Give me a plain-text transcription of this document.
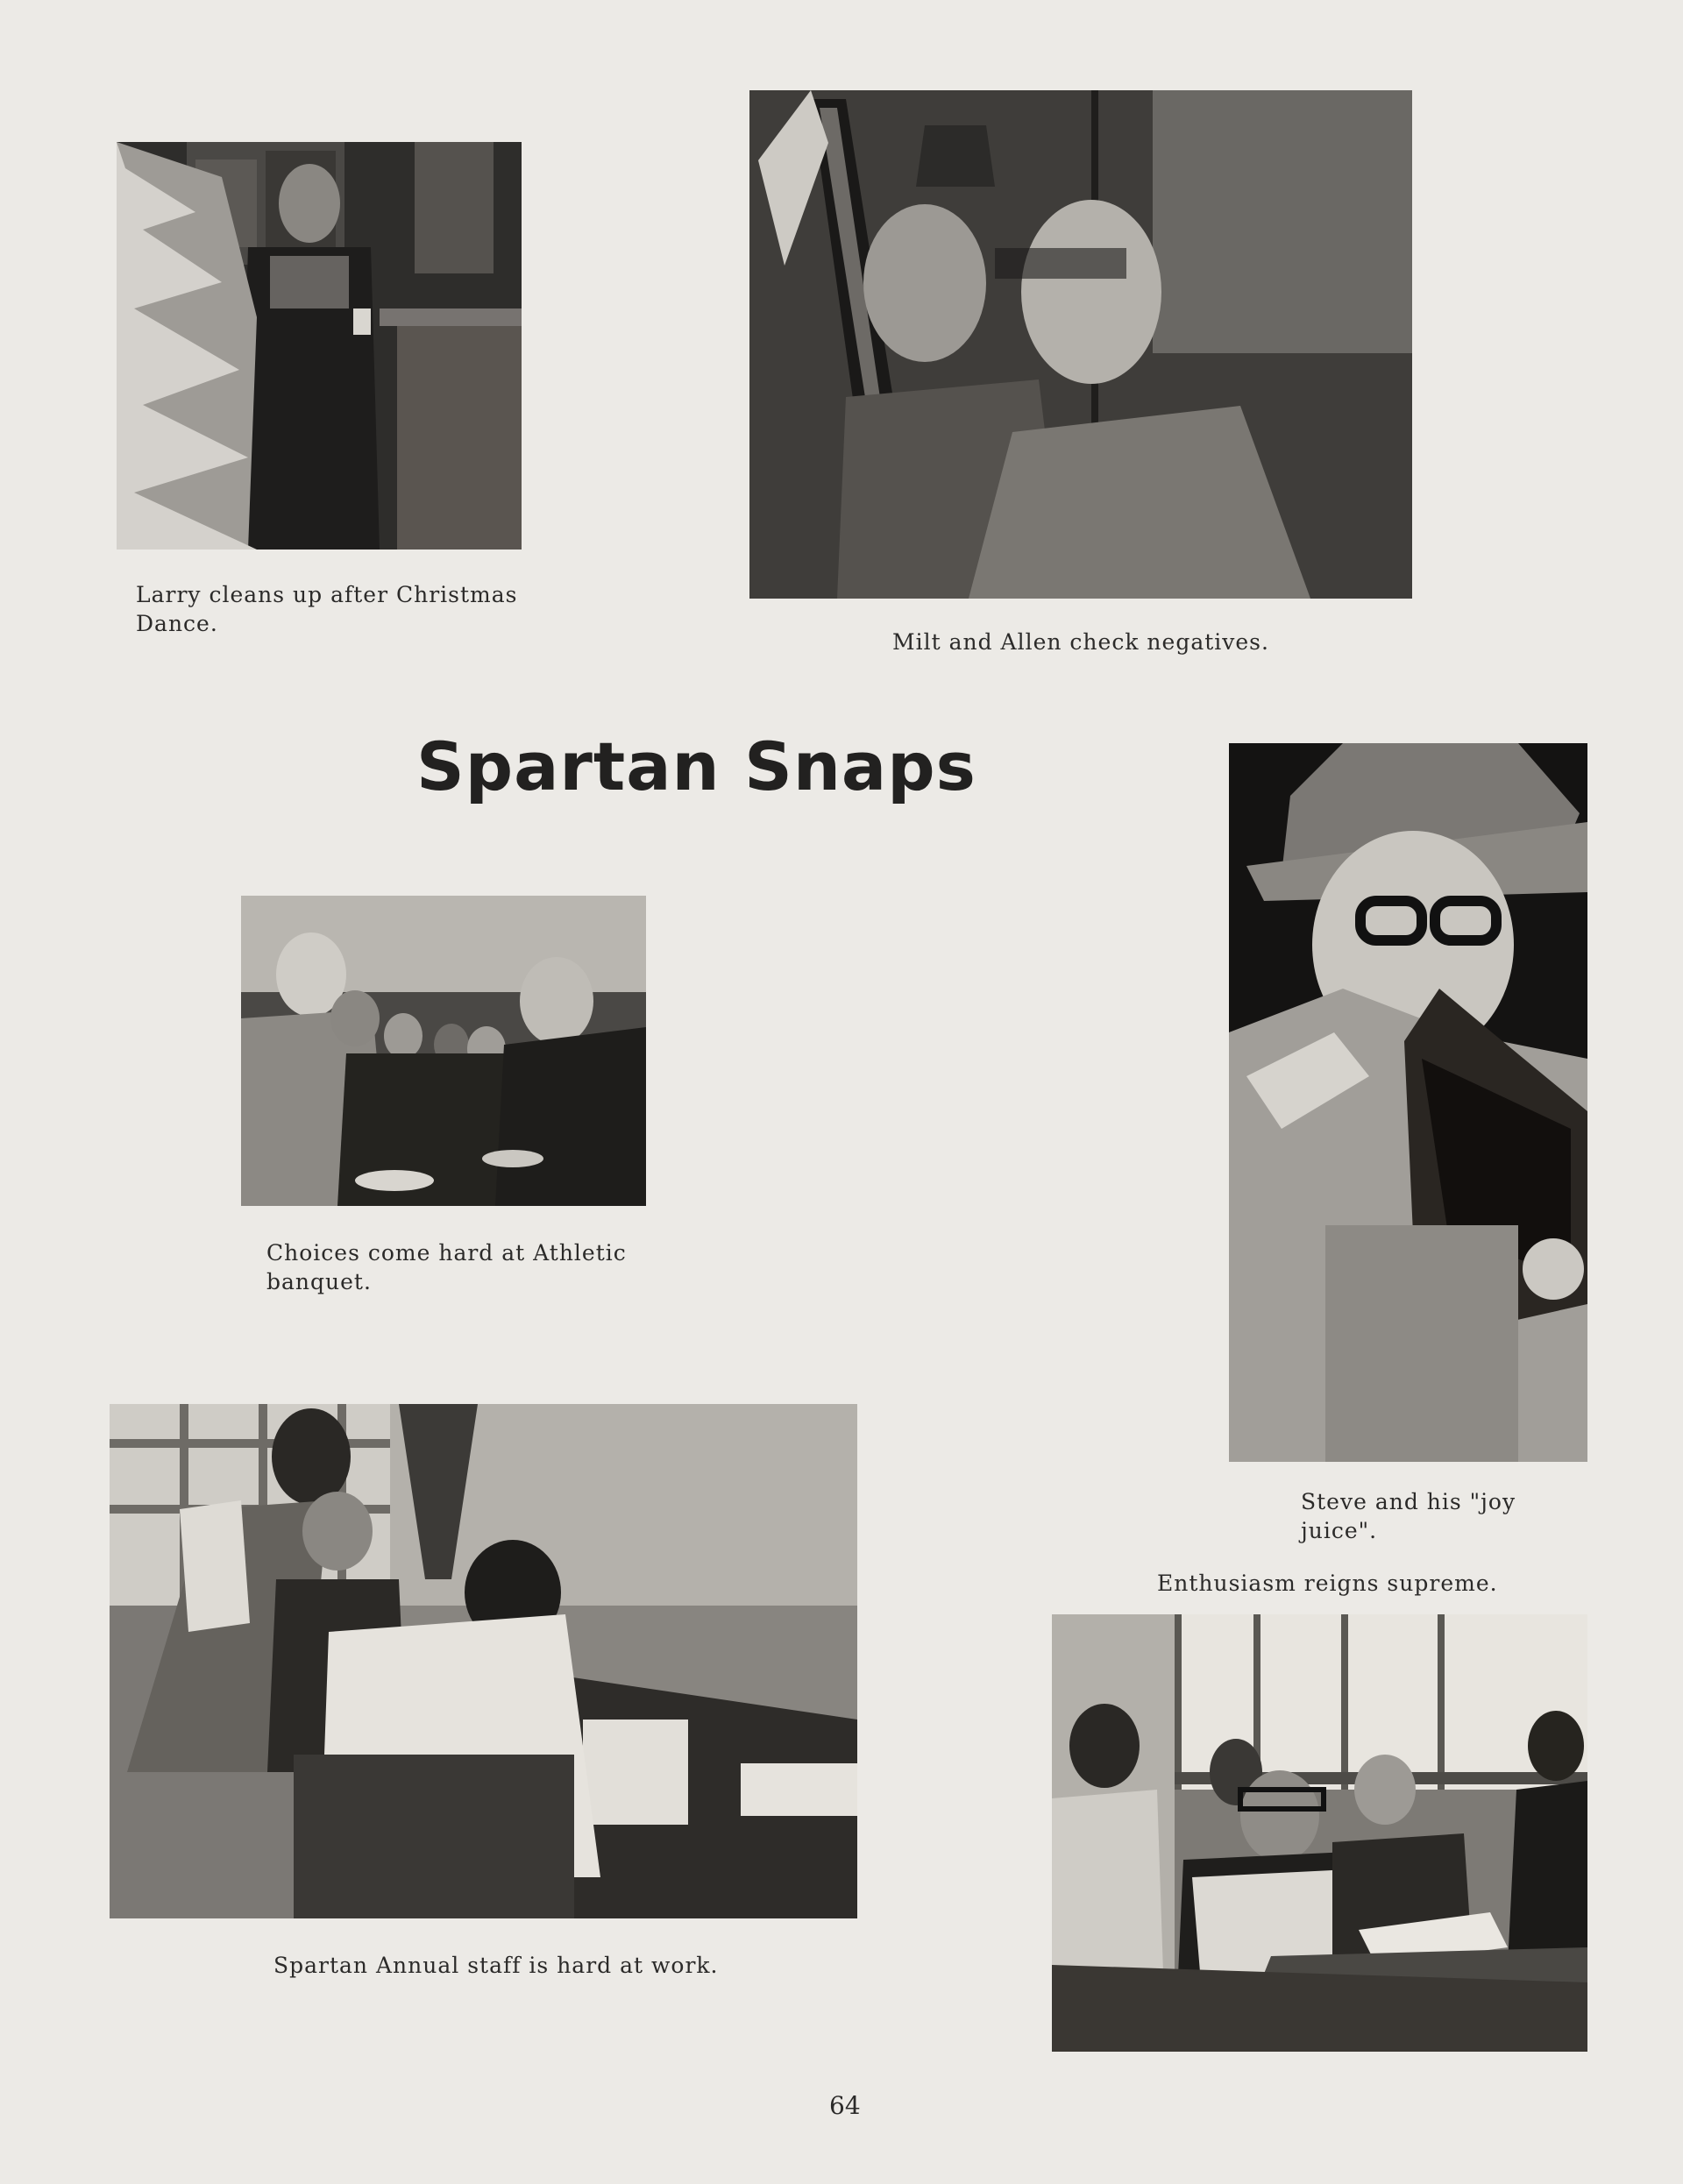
Larry cleans up after Christmas Dance.
Milt and Allen check negatives.
Spartan Snaps
Choices come hard at Athletic banquet.
Steve and his "joy juice".
Enthusiasm reigns supreme.
Spartan Annual staff is hard at work.
64
